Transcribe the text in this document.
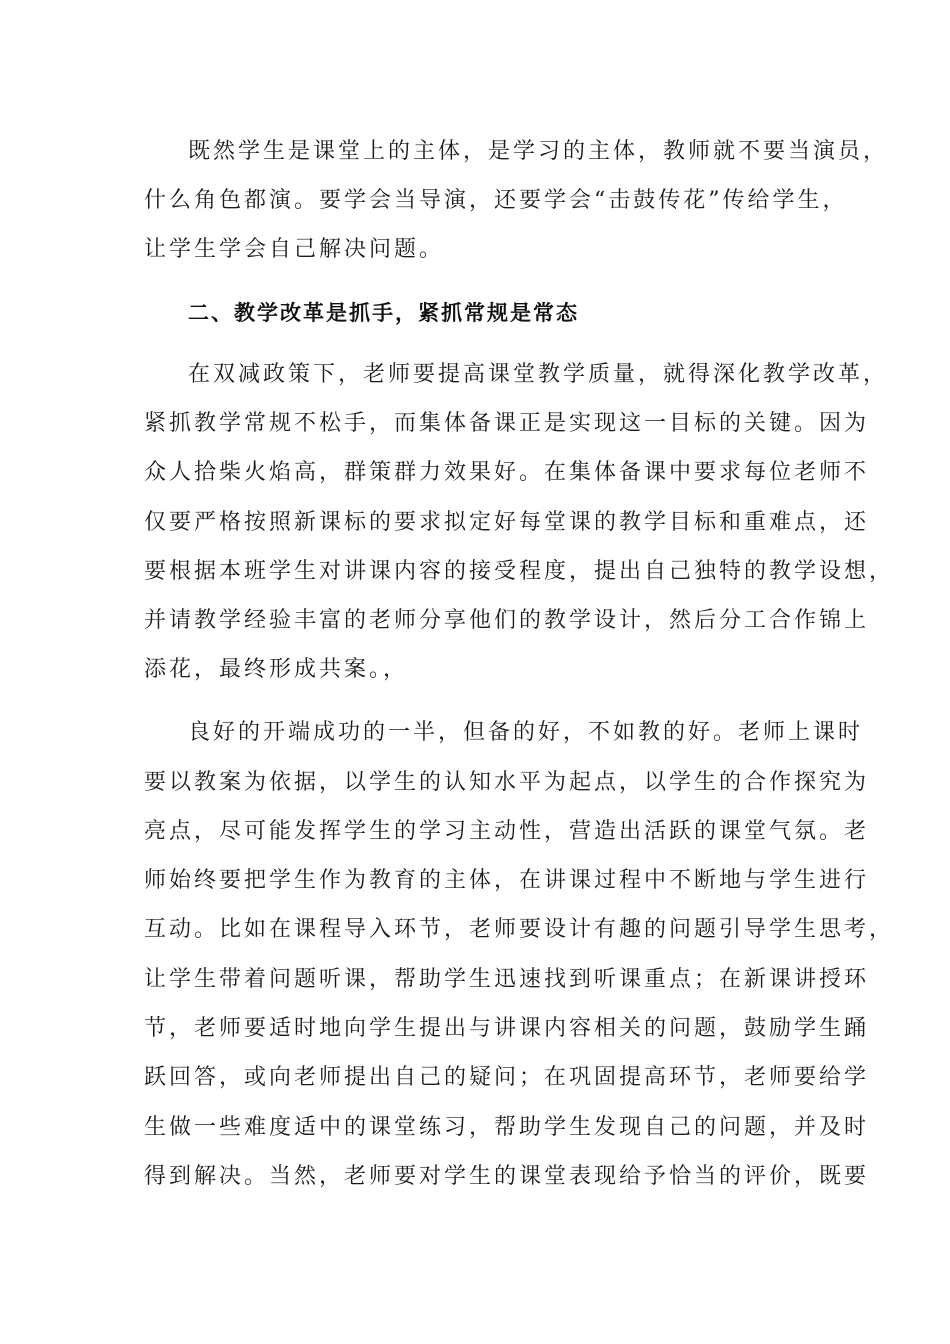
既然学生是课堂上的主体，是学习的主体，教师就不要当演员，
什么角色都演。要学会当导演，还要学会“击鼓传花”传给学生，
让学生学会自己解决问题。
二、教学改革是抓手，紧抓常规是常态
在双减政策下，老师要提高课堂教学质量，就得深化教学改革，
紧抓教学常规不松手，而集体备课正是实现这一目标的关键。因为
众人拾柴火焰高，群策群力效果好。在集体备课中要求每位老师不
仅要严格按照新课标的要求拟定好每堂课的教学目标和重难点，还
要根据本班学生对讲课内容的接受程度，提出自己独特的教学设想，
并请教学经验丰富的老师分享他们的教学设计，然后分工合作锦上
添花，最终形成共案。，
良好的开端成功的一半，但备的好，不如教的好。老师上课时
要以教案为依据，以学生的认知水平为起点，以学生的合作探究为
亮点，尽可能发挥学生的学习主动性，营造出活跃的课堂气氛。老
师始终要把学生作为教育的主体，在讲课过程中不断地与学生进行
互动。比如在课程导入环节，老师要设计有趣的问题引导学生思考，
让学生带着问题听课，帮助学生迅速找到听课重点；在新课讲授环
节，老师要适时地向学生提出与讲课内容相关的问题，鼓励学生踊
跃回答，或向老师提出自己的疑问；在巩固提高环节，老师要给学
生做一些难度适中的课堂练习，帮助学生发现自己的问题，并及时
得到解决。当然，老师要对学生的课堂表现给予恰当的评价，既要
